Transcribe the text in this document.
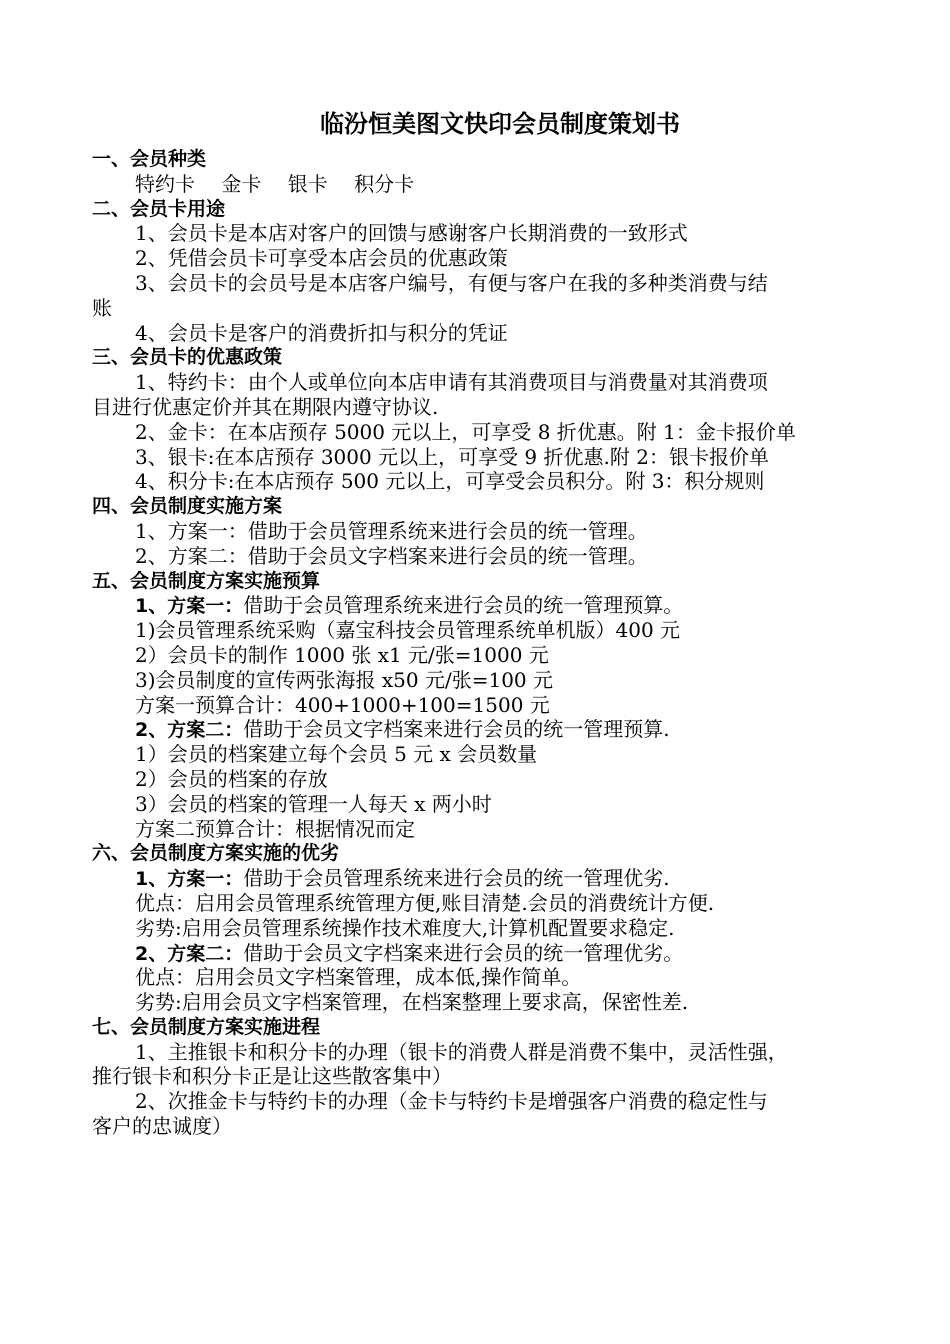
临汾恒美图文快印会员制度策划书
一、会员种类
特约卡 金卡 银卡 积分卡
二、会员卡用途
1、会员卡是本店对客户的回馈与感谢客户长期消费的一致形式
2、凭借会员卡可享受本店会员的优惠政策
3、会员卡的会员号是本店客户编号，有便与客户在我的多种类消费与结
账
4、会员卡是客户的消费折扣与积分的凭证
三、会员卡的优惠政策
1、特约卡：由个人或单位向本店申请有其消费项目与消费量对其消费项
目进行优惠定价并其在期限内遵守协议.
2、金卡：在本店预存 5000 元以上，可享受 8 折优惠。附 1：金卡报价单
3、银卡:在本店预存 3000 元以上，可享受 9 折优惠.附 2：银卡报价单
4、积分卡:在本店预存 500 元以上，可享受会员积分。附 3：积分规则
四、会员制度实施方案
1、方案一：借助于会员管理系统来进行会员的统一管理。
2、方案二：借助于会员文字档案来进行会员的统一管理。
五、会员制度方案实施预算
1、方案一：借助于会员管理系统来进行会员的统一管理预算。
1)会员管理系统采购（嘉宝科技会员管理系统单机版）400 元
2）会员卡的制作 1000 张 x1 元/张=1000 元
3)会员制度的宣传两张海报 x50 元/张=100 元
方案一预算合计：400+1000+100=1500 元
2、方案二：借助于会员文字档案来进行会员的统一管理预算.
1）会员的档案建立每个会员 5 元 x 会员数量
2）会员的档案的存放
3）会员的档案的管理一人每天 x 两小时
方案二预算合计：根据情况而定
六、会员制度方案实施的优劣
1、方案一：借助于会员管理系统来进行会员的统一管理优劣.
优点：启用会员管理系统管理方便,账目清楚.会员的消费统计方便.
劣势:启用会员管理系统操作技术难度大,计算机配置要求稳定.
2、方案二：借助于会员文字档案来进行会员的统一管理优劣。
优点：启用会员文字档案管理，成本低,操作简单。
劣势:启用会员文字档案管理，在档案整理上要求高，保密性差.
七、会员制度方案实施进程
1、主推银卡和积分卡的办理（银卡的消费人群是消费不集中，灵活性强，
推行银卡和积分卡正是让这些散客集中）
2、次推金卡与特约卡的办理（金卡与特约卡是增强客户消费的稳定性与
客户的忠诚度）
